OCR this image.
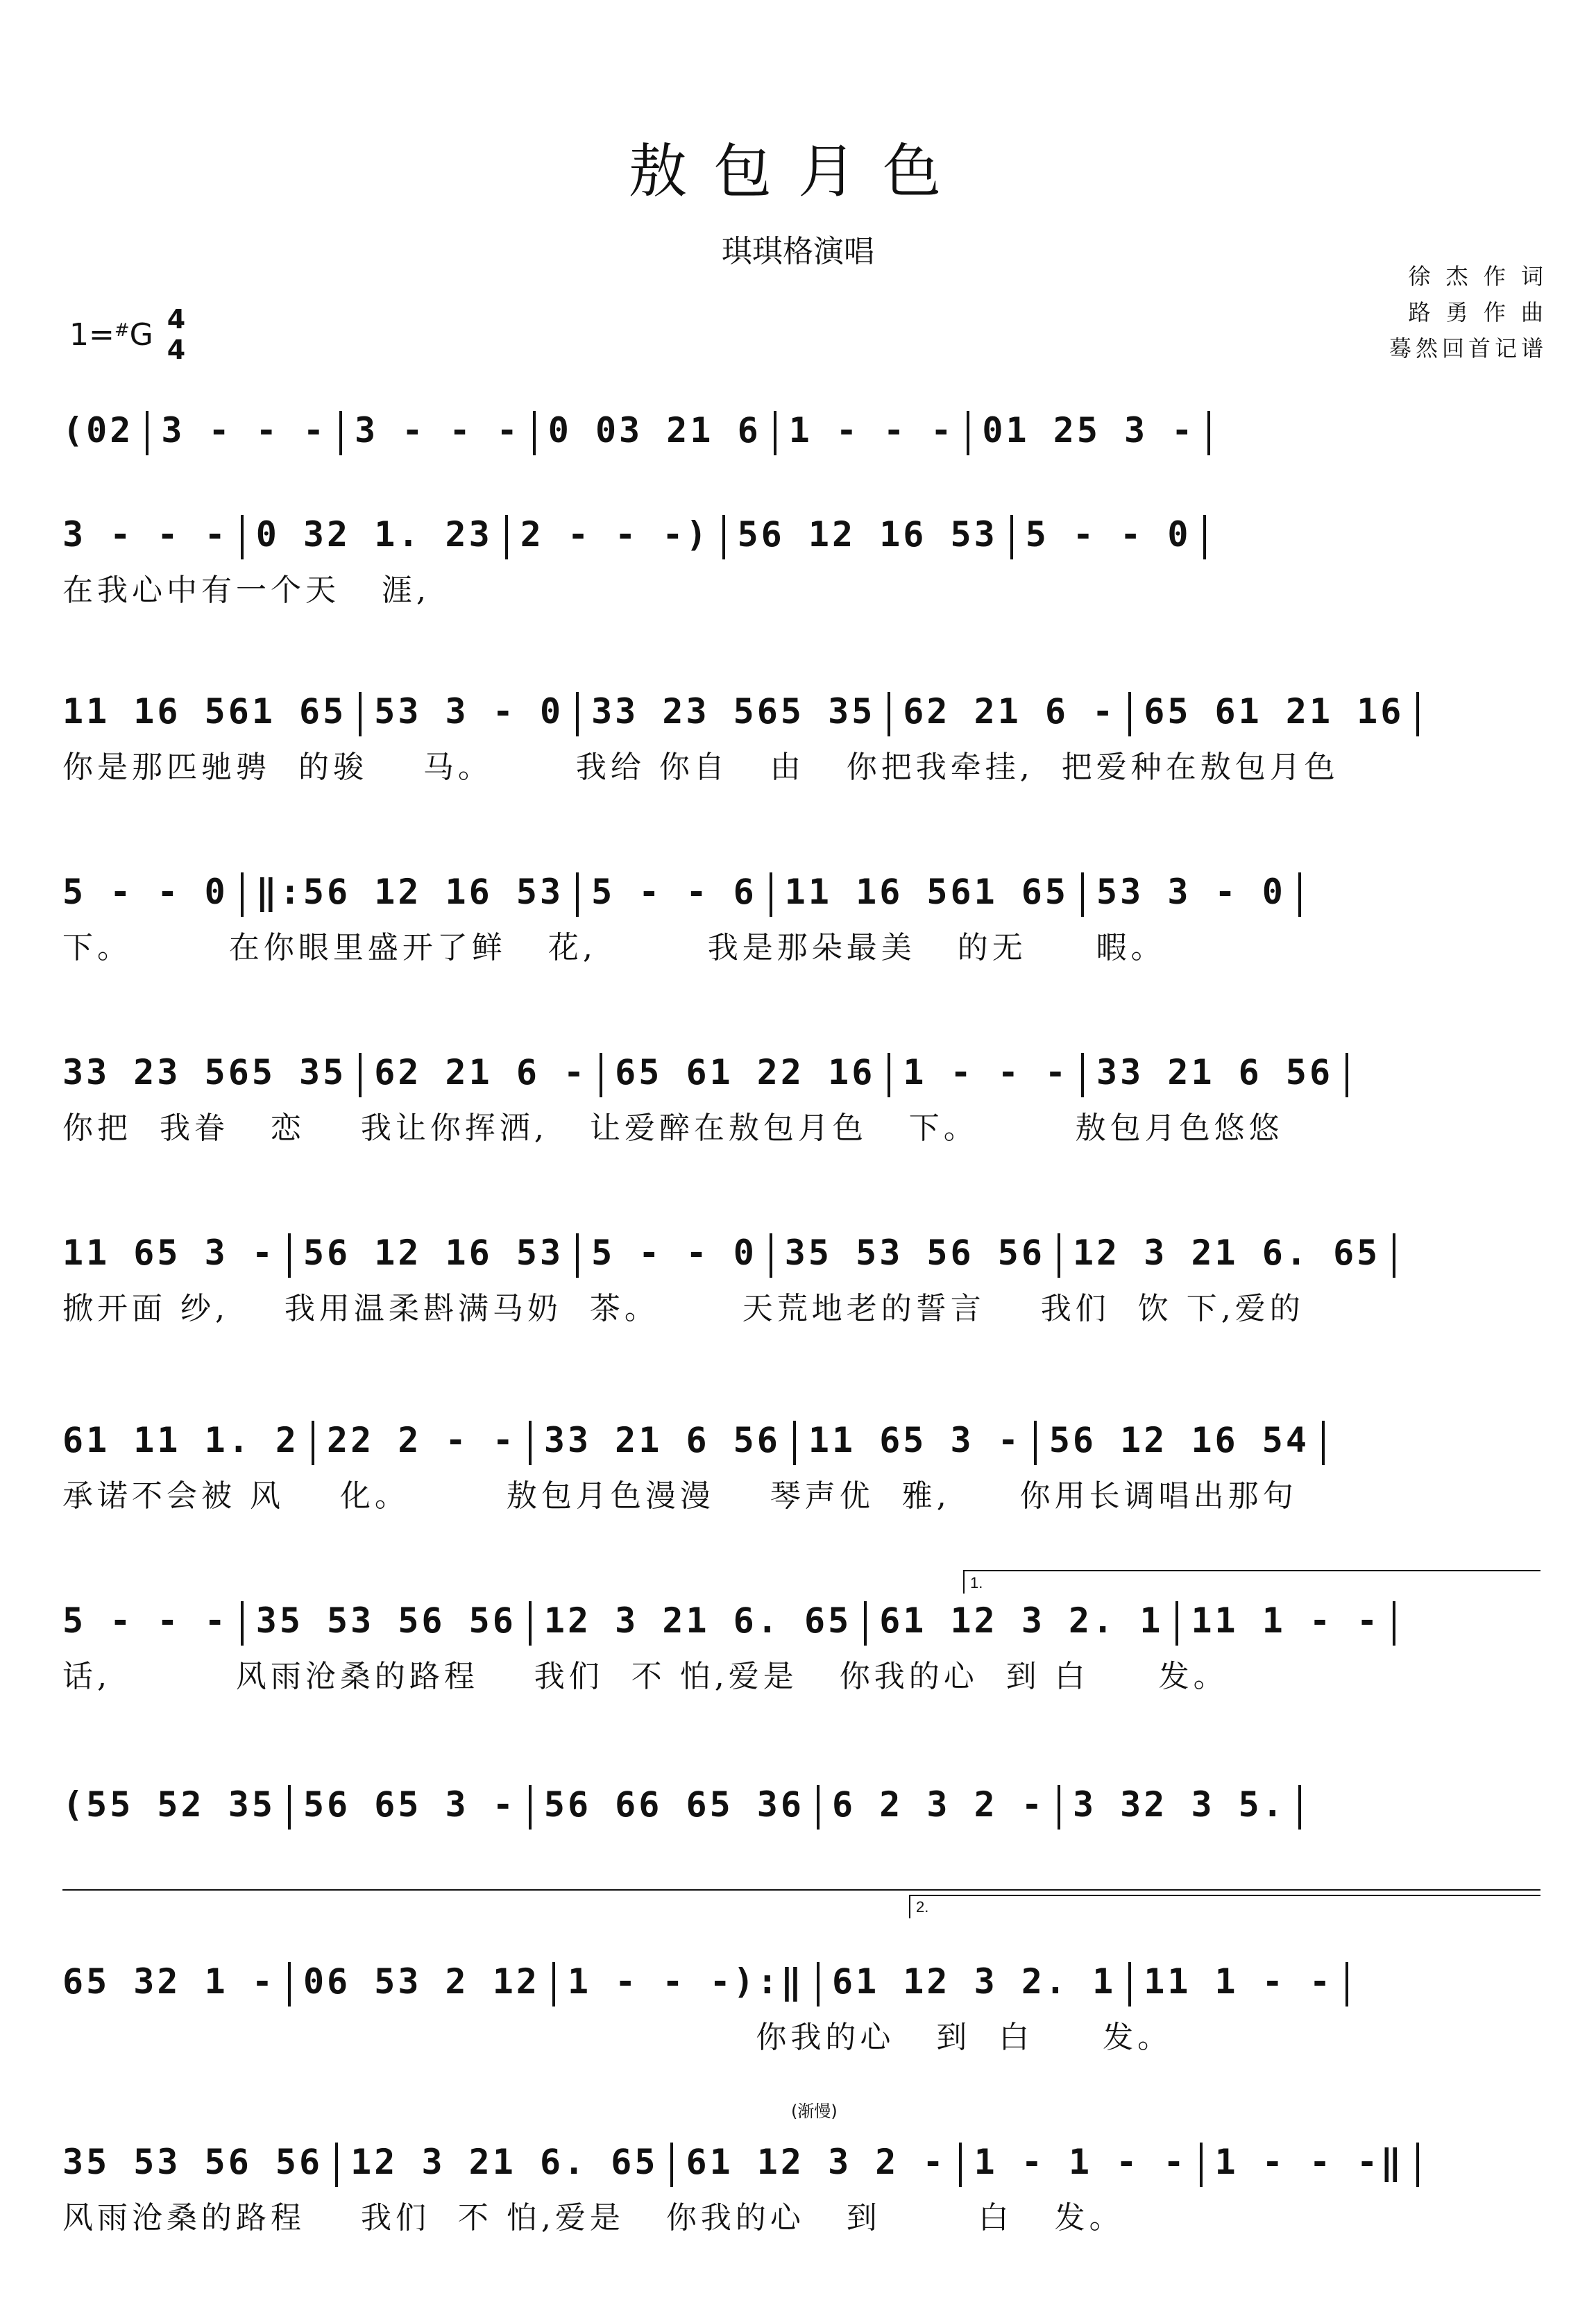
敖包月色
琪琪格演唱
徐 杰 作 词
路 勇 作 曲
蓦然回首记谱
1=# G 4
4
(02 3 - - - 3 - - - 0 03 21 6 1 - - - 01 25 3 -
3 - - - 0 32 1. 23 2 - - -) 56 12 16 53 5 - - 0
在我心中有一个天   涯,
11 16 561 65 53 3 - 0 33 23 565 35 62 21 6 - 65 61 21 16
你是那匹驰骋  的骏    马。      我给 你自   由   你把我牵挂,  把爱种在敖包月色
5 - - 0 ‖:56 12 16 53 5 - - 6 11 16 561 65 53 3 - 0
下。       在你眼里盛开了鲜   花,        我是那朵最美   的无     暇。
33 23 565 35 62 21 6 - 65 61 22 16 1 - - - 33 21 6 56
你把  我眷   恋    我让你挥洒,   让爱醉在敖包月色   下。       敖包月色悠悠
11 65 3 - 56 12 16 53 5 - - 0 35 53 56 56 12 3 21 6. 65
掀开面 纱,    我用温柔斟满马奶  茶。      天荒地老的誓言    我们  饮 下,爱的
61 11 1. 2 22 2 - - 33 21 6 56 11 65 3 - 56 12 16 54
承诺不会被 风    化。       敖包月色漫漫    琴声优  雅,     你用长调唱出那句
5 - - - 35 53 56 56 12 3 21 6. 65 61 12 3 2. 1 11 1 - -
话,         风雨沧桑的路程    我们  不 怕,爱是   你我的心  到 白     发。
(55 52 35 56 65 3 - 56 66 65 36 6 2 3 2 - 3 32 3 5.
65 32 1 - 06 53 2 12 1 - - -):‖ 61 12 3 2. 1 11 1 - -
你我的心   到  白     发。
35 53 56 56 12 3 21 6. 65 61 12 3 2 - 1 - 1 - - 1 - - -‖
风雨沧桑的路程    我们  不 怕,爱是   你我的心   到       白   发。
1.
2.
(渐慢)
